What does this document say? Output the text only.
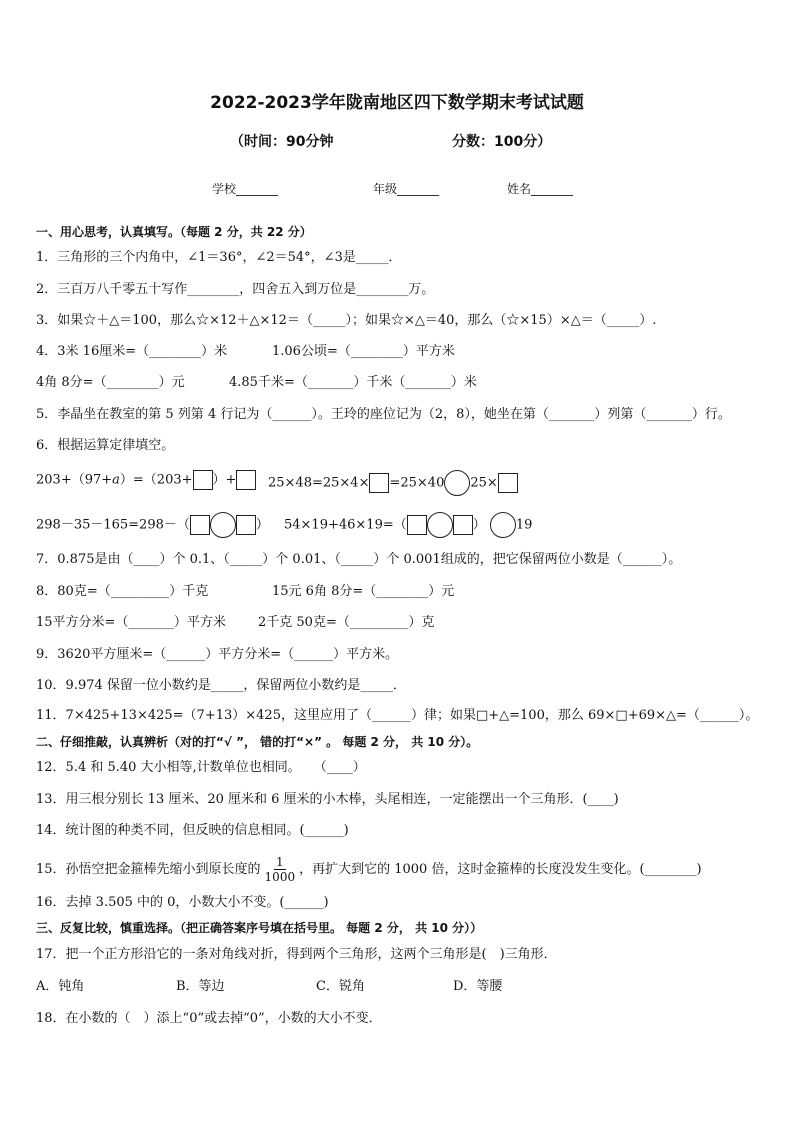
2022-2023学年陇南地区四下数学期末考试试题
（时间：90分钟	分数：100分）
学校_______	年级_______	姓名_______
一、用心思考，认真填写。（每题 2 分，共 22 分）
1．三角形的三个内角中，∠1＝36°，∠2＝54°，∠3是_____．
2．三百万八千零五十写作________，四舍五入到万位是________万。
3．如果☆＋△＝100，那么☆×12＋△×12＝（_____）；如果☆×△＝40，那么（☆×15）×△＝（_____）.
4．3米 16厘米=（________）米	1.06公顷=（________）平方米
4角 8分=（________）元	4.85千米=（_______）千米（_______）米
5．李晶坐在教室的第 5 列第 4 行记为（______）。王玲的座位记为（2，8），她坐在第（_______）列第（_______）行。
6．根据运算定律填空。
203+（97+a）=（203+ ）+	25×48=25×4× =25×40 25×
298－35－165=298－（	） 54×19+46×19=（	） 19
7．0.875是由（____）个 0.1、（_____）个 0.01、（_____）个 0.001组成的，把它保留两位小数是（______）。
8．80克=（_________）千克	15元 6角 8分=（________）元
15平方分米=（_______）平方米 2千克 50克=（_________）克
9．3620平方厘米=（______）平方分米=（______）平方米。
10．9.974 保留一位小数约是_____，保留两位小数约是_____．
11．7×425+13×425=（7+13）×425，这里应用了（______）律；如果□+△=100，那么 69×□+69×△=（______）。
二、仔细推敲，认真辨析（对的打“√ ”， 错的打“×” 。 每题 2 分， 共 10 分）。
12．5.4 和 5.40 大小相等,计数单位也相同。　　（____）
13．用三根分别长 13 厘米、20 厘米和 6 厘米的小木棒，头尾相连，一定能摆出一个三角形．(____)
14．统计图的种类不同，但反映的信息相同。(______)
15．孙悟空把金箍棒先缩小到原长度的 $\frac{1}{1000}$ ，再扩大到它的 1000 倍，这时金箍棒的长度没发生变化。(________)
16．去掉 3.505 中的 0，小数大小不变。(______)
三、反复比较，慎重选择。（把正确答案序号填在括号里。 每题 2 分， 共 10 分））
17．把一个正方形沿它的一条对角线对折，得到两个三角形，这两个三角形是(　)三角形．
A．钝角	B．等边	C．锐角	D．等腰
18．在小数的（　）添上“0”或去掉“0”，小数的大小不变．
